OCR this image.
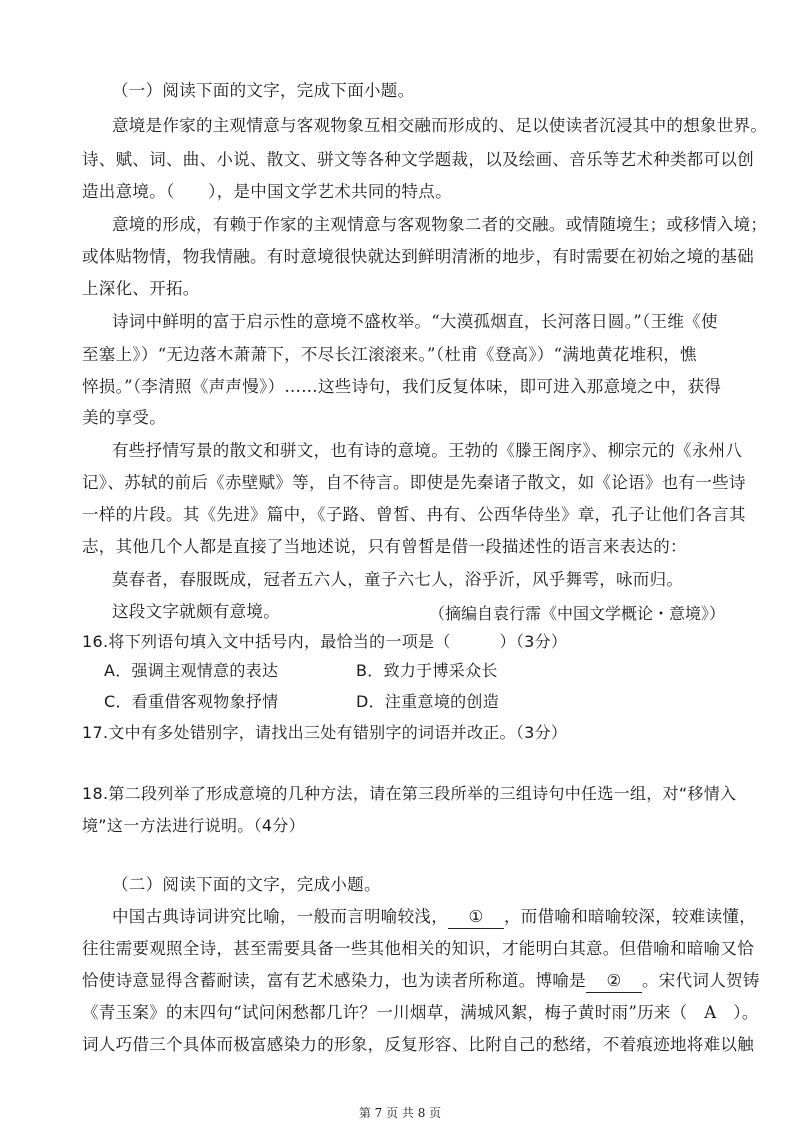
（一）阅读下面的文字，完成下面小题。
意境是作家的主观情意与客观物象互相交融而形成的、足以使读者沉浸其中的想象世界。
诗、赋、词、曲、小说、散文、骈文等各种文学题裁，以及绘画、音乐等艺术种类都可以创
造出意境。（　　），是中国文学艺术共同的特点。
意境的形成，有赖于作家的主观情意与客观物象二者的交融。或情随境生；或移情入境；
或体贴物情，物我情融。有时意境很快就达到鲜明清淅的地步，有时需要在初始之境的基础
上深化、开拓。
诗词中鲜明的富于启示性的意境不盛枚举。“大漠孤烟直，长河落日圆。”（王维《使
至塞上》）“无边落木萧萧下，不尽长江滚滚来。”（杜甫《登高》）“满地黄花堆积，憔
悴损。”（李清照《声声慢》）……这些诗句，我们反复体味，即可进入那意境之中，获得
美的享受。
有些抒情写景的散文和骈文，也有诗的意境。王勃的《滕王阁序》、柳宗元的《永州八
记》、苏轼的前后《赤壁赋》等，自不待言。即使是先秦诸子散文，如《论语》也有一些诗
一样的片段。其《先进》篇中，《子路、曾皙、冉有、公西华侍坐》章，孔子让他们各言其
志，其他几个人都是直接了当地述说，只有曾皙是借一段描述性的语言来表达的：
莫春者，春服既成，冠者五六人，童子六七人，浴乎沂，风乎舞雩，咏而归。
这段文字就颇有意境。	（摘编自袁行霈《中国文学概论・意境》）
16.将下列语句填入文中括号内，最恰当的一项是（　　　）（3分）
A．强调主观情意的表达	B．致力于博采众长
C．看重借客观物象抒情	D．注重意境的创造
17.文中有多处错别字，请找出三处有错别字的词语并改正。（3分）
18.第二段列举了形成意境的几种方法，请在第三段所举的三组诗句中任选一组，对“移情入
境”这一方法进行说明。（4分）
（二）阅读下面的文字，完成小题。
中国古典诗词讲究比喻，一般而言明喻较浅， ① ，而借喻和暗喻较深，较难读懂，
往往需要观照全诗，甚至需要具备一些其他相关的知识，才能明白其意。但借喻和暗喻又恰
恰使诗意显得含蓄耐读，富有艺术感染力，也为读者所称道。博喻是 ② 。宋代词人贺铸
《青玉案》的末四句“试问闲愁都几许？一川烟草，满城风絮，梅子黄时雨”历来（　A　）。
词人巧借三个具体而极富感染力的形象，反复形容、比附自己的愁绪，不着痕迹地将难以触
第 7 页 共 8 页
